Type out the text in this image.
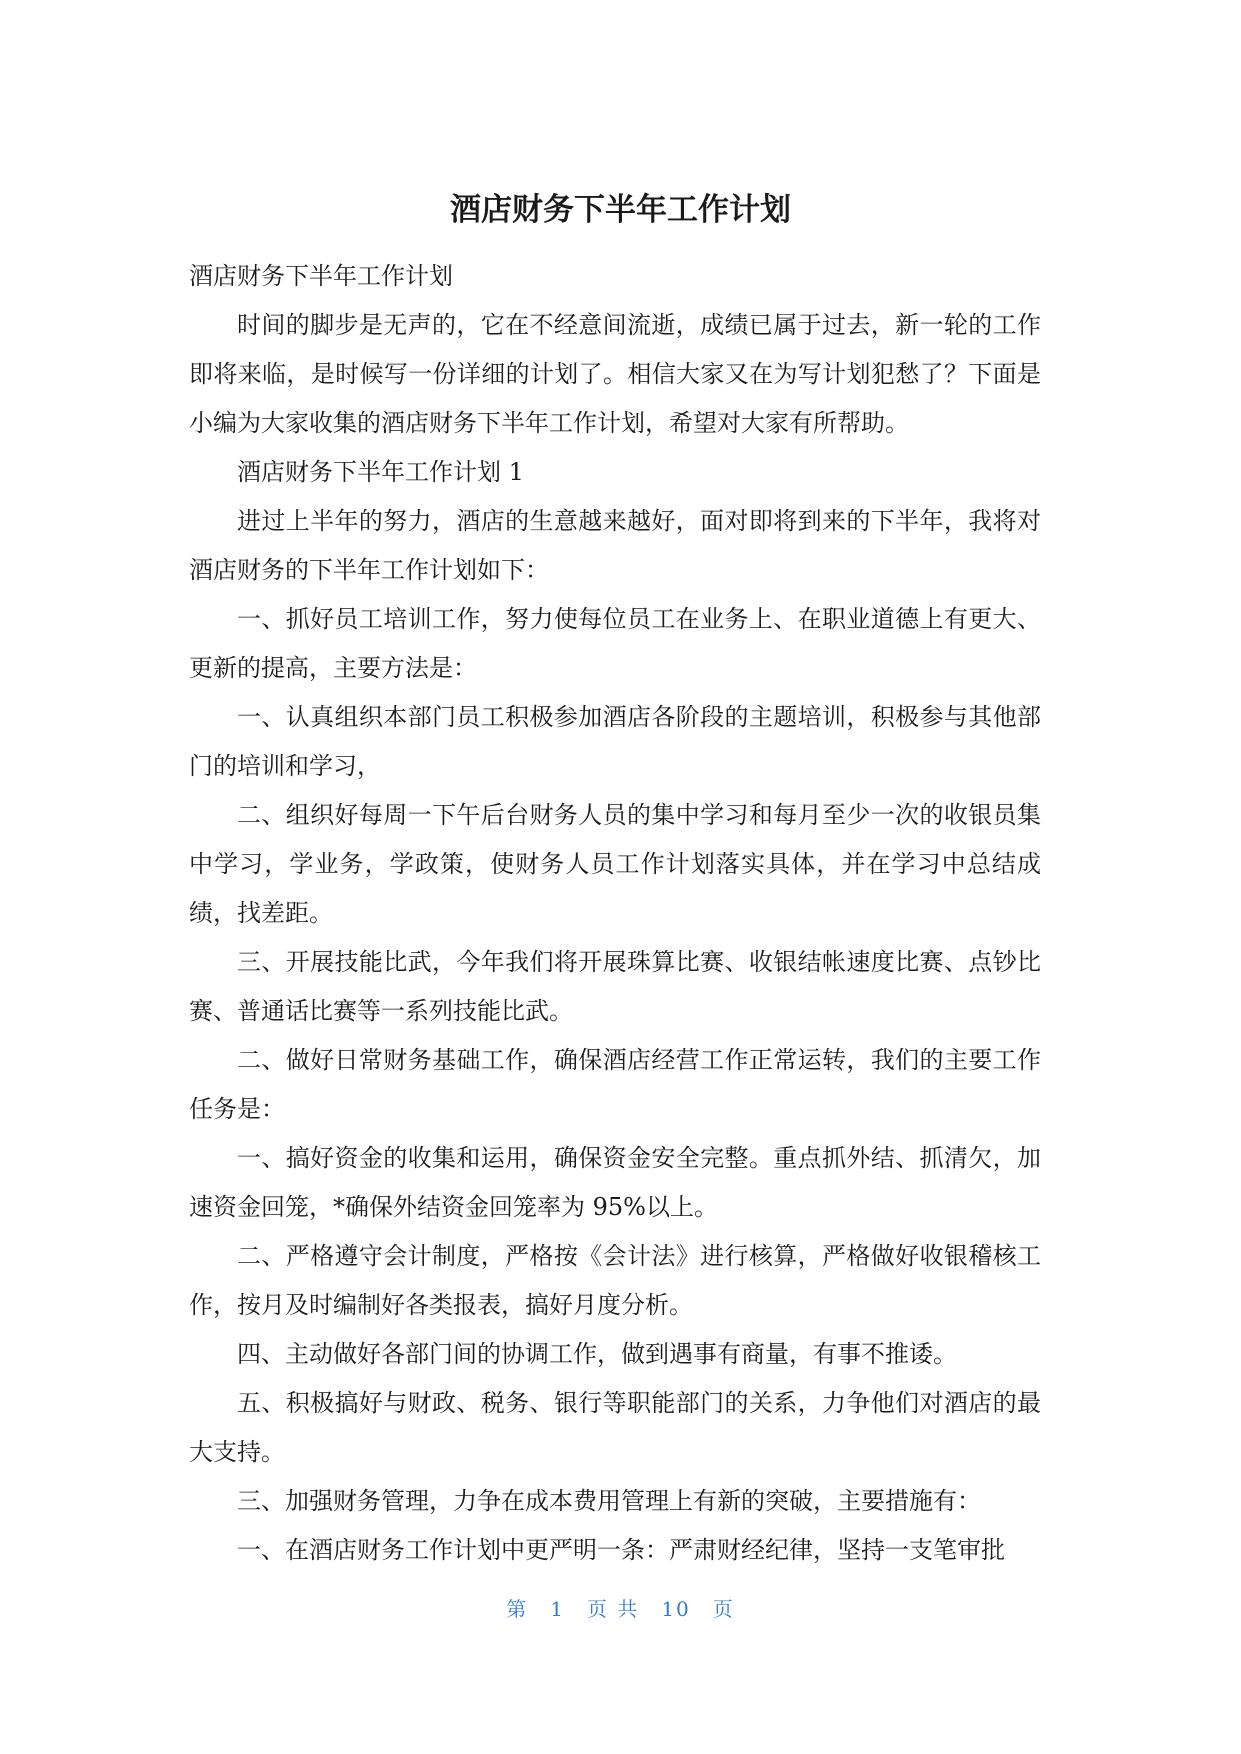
酒店财务下半年工作计划

酒店财务下半年工作计划

时间的脚步是无声的，它在不经意间流逝，成绩已属于过去，新一轮的工作即将来临，是时候写一份详细的计划了。相信大家又在为写计划犯愁了？下面是小编为大家收集的酒店财务下半年工作计划，希望对大家有所帮助。

酒店财务下半年工作计划 1

进过上半年的努力，酒店的生意越来越好，面对即将到来的下半年，我将对酒店财务的下半年工作计划如下：

一、抓好员工培训工作，努力使每位员工在业务上、在职业道德上有更大、更新的提高，主要方法是：

一、认真组织本部门员工积极参加酒店各阶段的主题培训，积极参与其他部门的培训和学习，

二、组织好每周一下午后台财务人员的集中学习和每月至少一次的收银员集中学习，学业务，学政策，使财务人员工作计划落实具体，并在学习中总结成绩，找差距。

三、开展技能比武，今年我们将开展珠算比赛、收银结帐速度比赛、点钞比赛、普通话比赛等一系列技能比武。

二、做好日常财务基础工作，确保酒店经营工作正常运转，我们的主要工作任务是：

一、搞好资金的收集和运用，确保资金安全完整。重点抓外结、抓清欠，加速资金回笼，*确保外结资金回笼率为 95%以上。

二、严格遵守会计制度，严格按《会计法》进行核算，严格做好收银稽核工作，按月及时编制好各类报表，搞好月度分析。

四、主动做好各部门间的协调工作，做到遇事有商量，有事不推诿。

五、积极搞好与财政、税务、银行等职能部门的关系，力争他们对酒店的最大支持。

三、加强财务管理，力争在成本费用管理上有新的突破，主要措施有：

一、在酒店财务工作计划中更严明一条：严肃财经纪律，坚持一支笔审批

第 1 页 共 10 页
